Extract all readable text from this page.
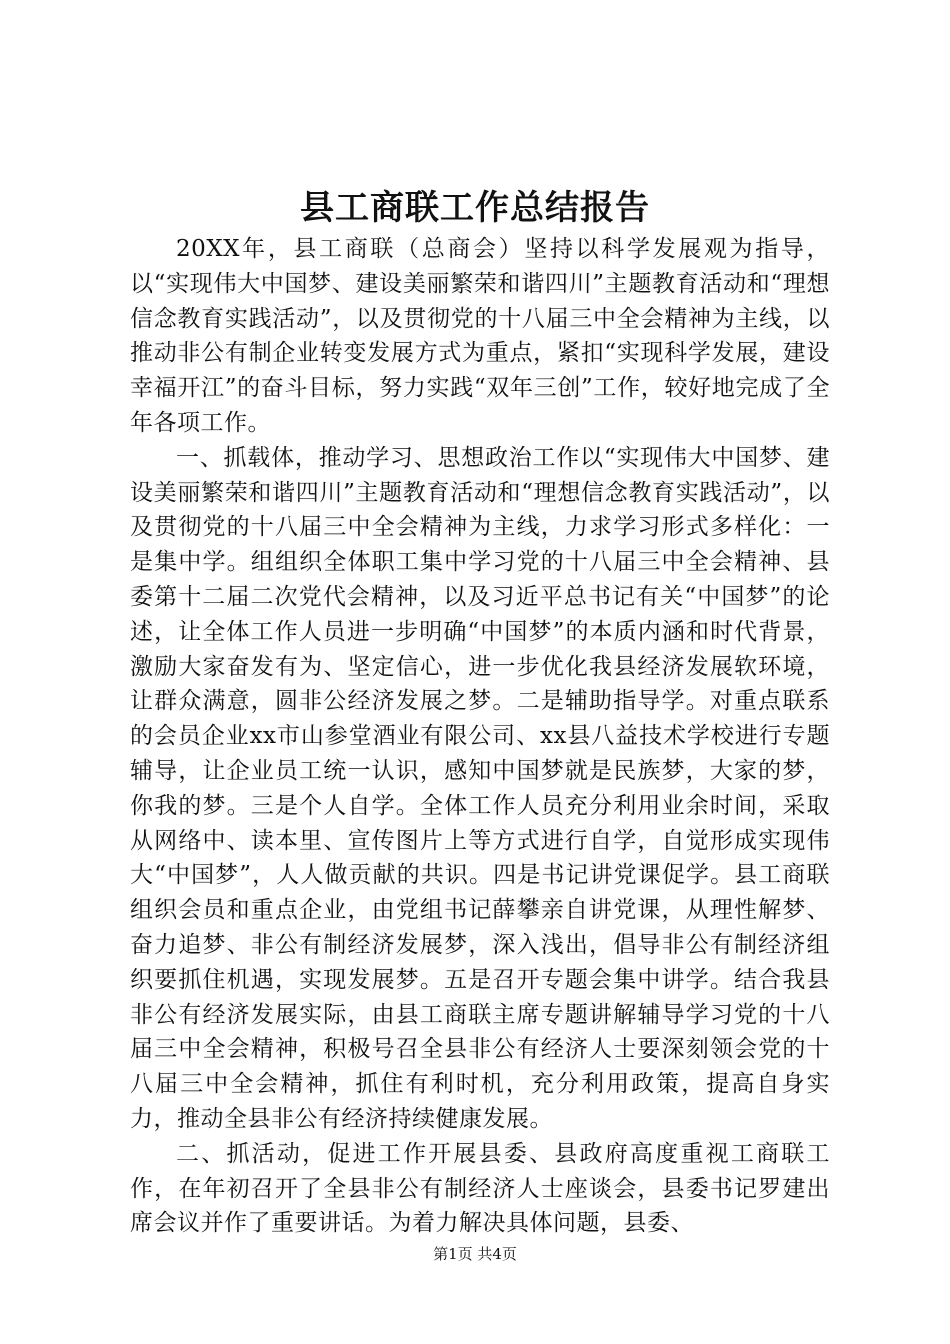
县工商联工作总结报告

20XX年，县工商联（总商会）坚持以科学发展观为指导，以“实现伟大中国梦、建设美丽繁荣和谐四川”主题教育活动和“理想信念教育实践活动”，以及贯彻党的十八届三中全会精神为主线，以推动非公有制企业转变发展方式为重点，紧扣“实现科学发展，建设幸福开江”的奋斗目标，努力实践“双年三创”工作，较好地完成了全年各项工作。

一、抓载体，推动学习、思想政治工作以“实现伟大中国梦、建设美丽繁荣和谐四川”主题教育活动和“理想信念教育实践活动”，以及贯彻党的十八届三中全会精神为主线，力求学习形式多样化：一是集中学。组组织全体职工集中学习党的十八届三中全会精神、县委第十二届二次党代会精神，以及习近平总书记有关“中国梦”的论述，让全体工作人员进一步明确“中国梦”的本质内涵和时代背景，激励大家奋发有为、坚定信心，进一步优化我县经济发展软环境，让群众满意，圆非公经济发展之梦。二是辅助指导学。对重点联系的会员企业xx市山参堂酒业有限公司、xx县八益技术学校进行专题辅导，让企业员工统一认识，感知中国梦就是民族梦，大家的梦，你我的梦。三是个人自学。全体工作人员充分利用业余时间，采取从网络中、读本里、宣传图片上等方式进行自学，自觉形成实现伟大“中国梦”，人人做贡献的共识。四是书记讲党课促学。县工商联组织会员和重点企业，由党组书记薛攀亲自讲党课，从理性解梦、奋力追梦、非公有制经济发展梦，深入浅出，倡导非公有制经济组织要抓住机遇，实现发展梦。五是召开专题会集中讲学。结合我县非公有经济发展实际，由县工商联主席专题讲解辅导学习党的十八届三中全会精神，积极号召全县非公有经济人士要深刻领会党的十八届三中全会精神，抓住有利时机，充分利用政策，提高自身实力，推动全县非公有经济持续健康发展。

二、抓活动，促进工作开展县委、县政府高度重视工商联工作，在年初召开了全县非公有制经济人士座谈会，县委书记罗建出席会议并作了重要讲话。为着力解决具体问题，县委、

第1页 共4页
